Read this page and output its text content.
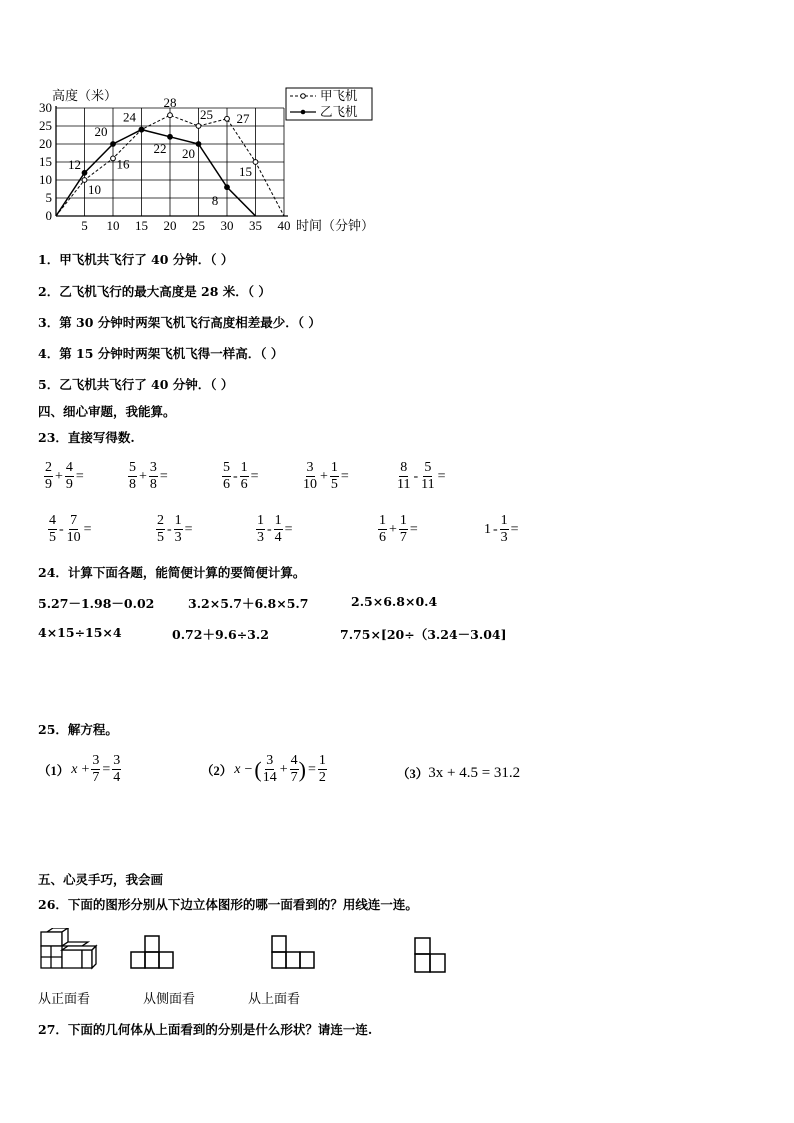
0
5
10
15
20
25
30
5 10 15 20 25 30 35 40
10
16
28
25 27
15
12
20
24
22 20
8
高度（米）
时间（分钟）
甲飞机
乙飞机
1．甲飞机共飞行了 40 分钟．（ ）
2．乙飞机飞行的最大高度是 28 米．（ ）
3．第 30 分钟时两架飞机飞行高度相差最少．（ ）
4．第 15 分钟时两架飞机飞得一样高．（ ）
5．乙飞机共飞行了 40 分钟．（ ）
四、细心审题，我能算。
23．直接写得数.
24．计算下面各题，能简便计算的要简便计算。
5.27－1.98－0.02	3.2×5.7＋6.8×5.7	2.5×6.8×0.4
4×15÷15×4	0.72＋9.6÷3.2	7.75×[20÷（3.24－3.04]
25．解方程。
（1） $x + \frac{3}{7} = \frac{3}{4}$	（2） x − ( $\frac{3}{14} + \frac{4}{7}$ ) = $\frac{1}{2}$	（3） 3x + 4.5 = 31.2
五、心灵手巧，我会画
26．下面的图形分别从下边立体图形的哪一面看到的？用线连一连。
从正面看	从侧面看	从上面看
27．下面的几何体从上面看到的分别是什么形状？请连一连.
$\frac{2}{9} + \frac{4}{9}$ =	$\frac{5}{8} + \frac{3}{8}$ =	$\frac{5}{6} - \frac{1}{6}$ =	$\frac{3}{10} + \frac{1}{5}$ =	$\frac{8}{11} - \frac{5}{11}$ =
$\frac{4}{5} - \frac{7}{10}$ =	$\frac{2}{5} - \frac{1}{3}$ =	$\frac{1}{3} - \frac{1}{4}$ =	$\frac{1}{6} + \frac{1}{7}$ =	$1 - \frac{1}{3}$ =
